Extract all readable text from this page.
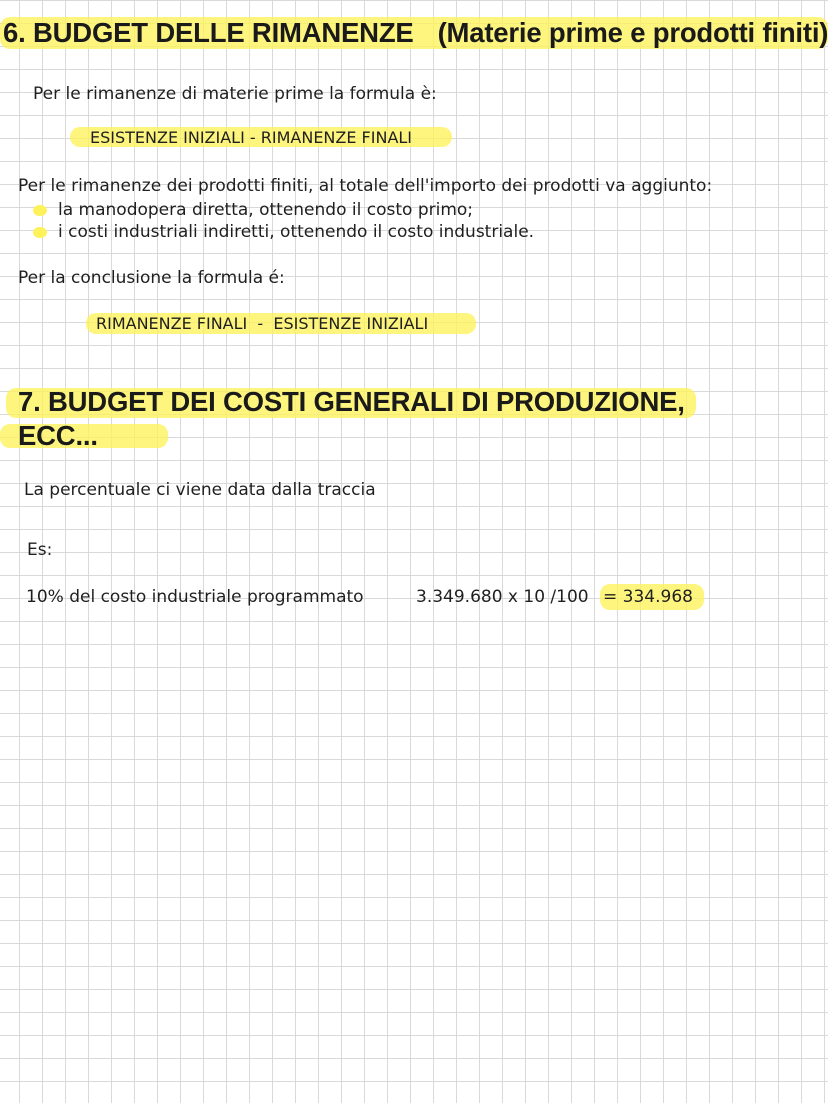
6. BUDGET DELLE RIMANENZE (Materie prime e prodotti finiti)
Per le rimanenze di materie prime la formula è:
ESISTENZE INIZIALI - RIMANENZE FINALI
Per le rimanenze dei prodotti finiti, al totale dell'importo dei prodotti va aggiunto:
la manodopera diretta, ottenendo il costo primo;
i costi industriali indiretti, ottenendo il costo industriale.
Per la conclusione la formula é:
RIMANENZE FINALI  -  ESISTENZE INIZIALI
7. BUDGET DEI COSTI GENERALI DI PRODUZIONE,
ECC...
La percentuale ci viene data dalla traccia
Es:
10% del costo industriale programmato	3.349.680 x 10 /100 = 334.968
